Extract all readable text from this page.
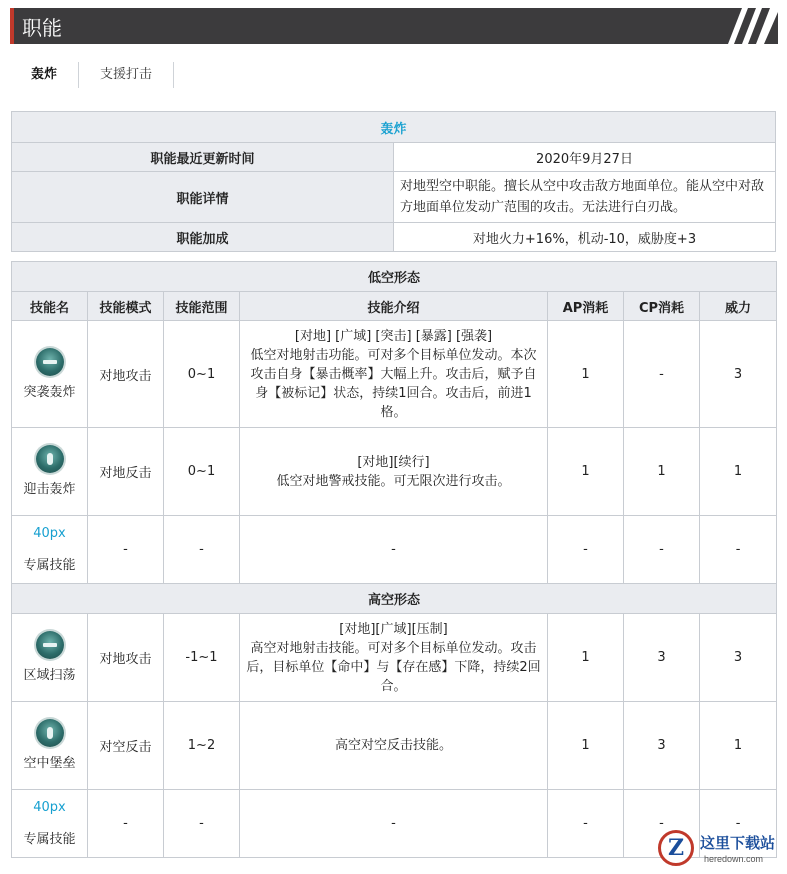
职能
轰炸	支援打击
轰炸	
职能最近更新时间	2020年9月27日
职能详情	对地型空中职能。擅长从空中攻击敌方地面单位。能从空中对敌方地面单位发动广范围的攻击。无法进行白刃战。
职能加成	对地火力+16%，机动-10，威胁度+3
低空形态						
技能名	技能模式	技能范围	技能介绍	AP消耗	CP消耗	威力

突袭轰炸	对地攻击	0~1	[对地] [广域] [突击] [暴露] [强袭]
低空对地射击功能。可对多个目标单位发动。本次攻击自身【暴击概率】大幅上升。攻击后，赋予自身【被标记】状态，持续1回合。攻击后，前进1格。	1	-	3

迎击轰炸	对地反击	0~1	[对地][续行]
低空对地警戒技能。可无限次进行攻击。	1	1	1

40px
专属技能	-	-	-	-	-	-
高空形态						

区域扫荡	对地攻击	-1~1	[对地][广域][压制]
高空对地射击技能。可对多个目标单位发动。攻击后，目标单位【命中】与【存在感】下降，持续2回合。	1	3	3

空中堡垒	对空反击	1~2	高空对空反击技能。	1	3	1

40px
专属技能	-	-	-	-	-	-
Z	这里下载站
heredown.com
